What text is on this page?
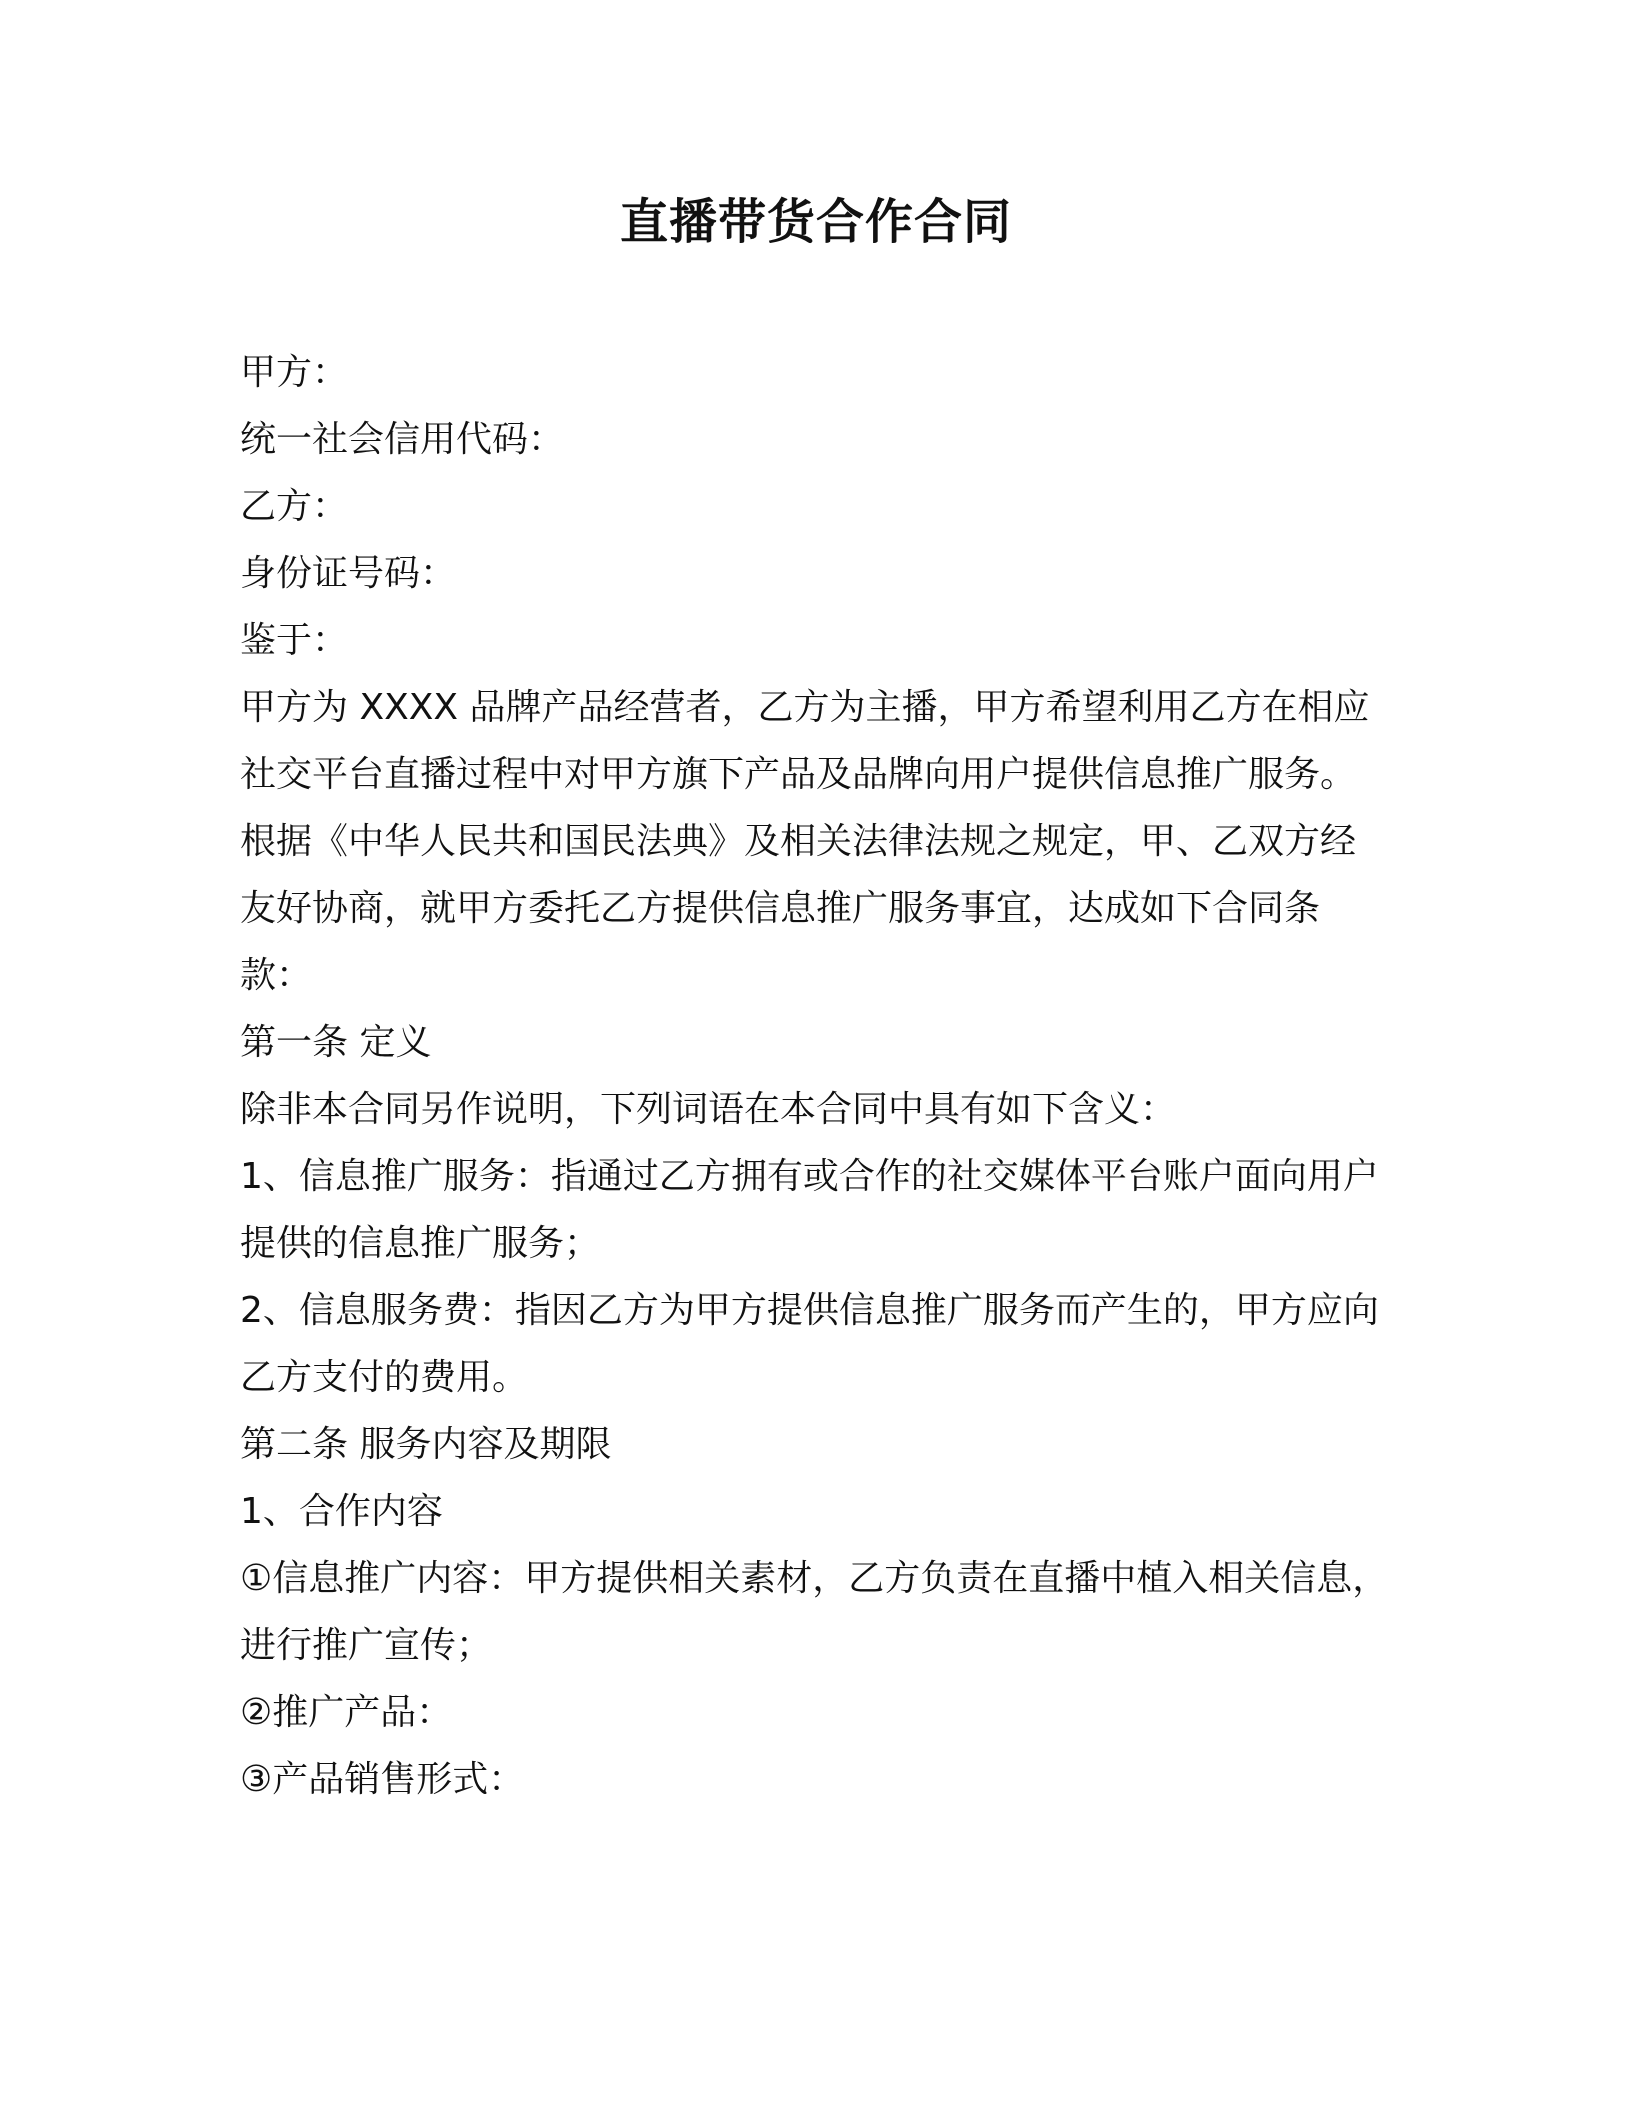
直播带货合作合同

甲方：

统一社会信用代码：

乙方：

身份证号码：

鉴于：

甲方为 XXXX 品牌产品经营者，乙方为主播，甲方希望利用乙方在相应社交平台直播过程中对甲方旗下产品及品牌向用户提供信息推广服务。

根据《中华人民共和国民法典》及相关法律法规之规定，甲、乙双方经友好协商，就甲方委托乙方提供信息推广服务事宜，达成如下合同条款：

第一条 定义

除非本合同另作说明，下列词语在本合同中具有如下含义：

1、信息推广服务：指通过乙方拥有或合作的社交媒体平台账户面向用户提供的信息推广服务；

2、信息服务费：指因乙方为甲方提供信息推广服务而产生的，甲方应向乙方支付的费用。

第二条 服务内容及期限

1、合作内容

①信息推广内容：甲方提供相关素材，乙方负责在直播中植入相关信息，进行推广宣传；

②推广产品：

③产品销售形式：
